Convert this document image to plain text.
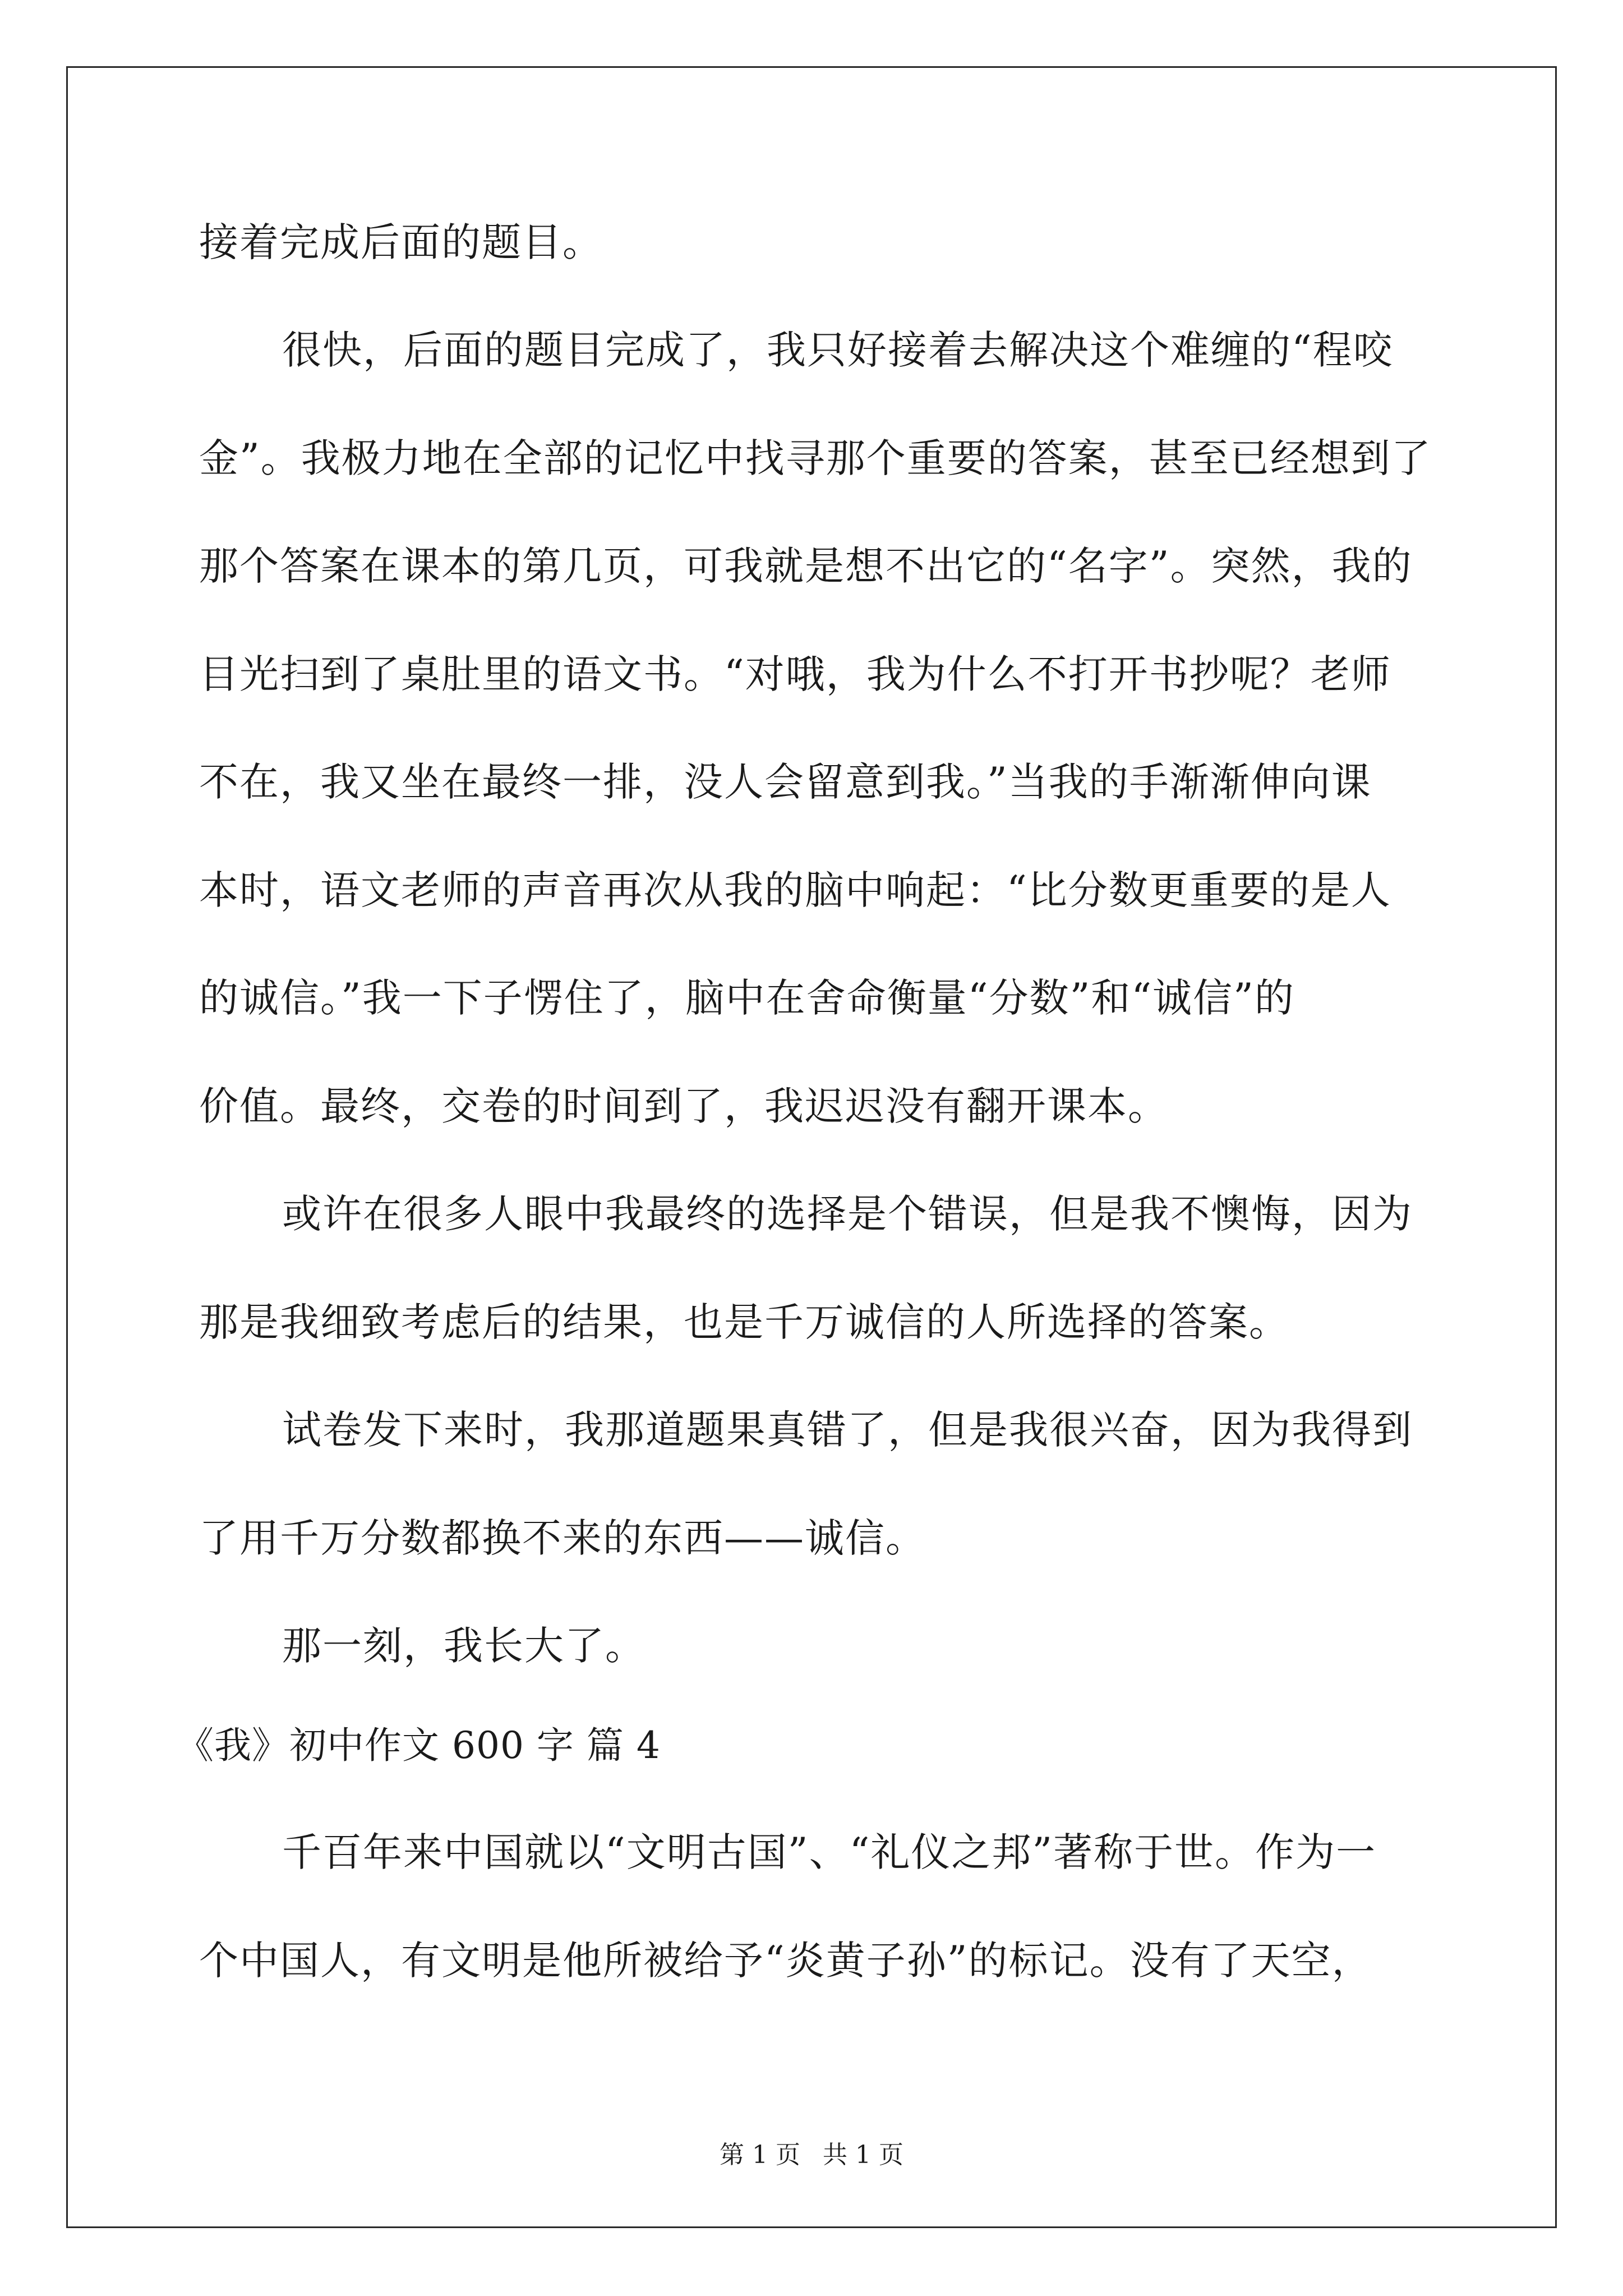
接着完成后面的题目。
很快，后面的题目完成了，我只好接着去解决这个难缠的“程咬
金”。我极力地在全部的记忆中找寻那个重要的答案，甚至已经想到了
那个答案在课本的第几页，可我就是想不出它的“名字”。突然，我的
目光扫到了桌肚里的语文书。“对哦，我为什么不打开书抄呢？老师
不在，我又坐在最终一排，没人会留意到我。”当我的手渐渐伸向课
本时，语文老师的声音再次从我的脑中响起：“比分数更重要的是人
的诚信。”我一下子愣住了，脑中在舍命衡量“分数”和“诚信”的
价值。最终，交卷的时间到了，我迟迟没有翻开课本。
或许在很多人眼中我最终的选择是个错误，但是我不懊悔，因为
那是我细致考虑后的结果，也是千万诚信的人所选择的答案。
试卷发下来时，我那道题果真错了，但是我很兴奋，因为我得到
了用千万分数都换不来的东西——诚信。
那一刻，我长大了。
《我》初中作文 600 字 篇 4
千百年来中国就以“文明古国”、“礼仪之邦”著称于世。作为一
个中国人，有文明是他所被给予“炎黄子孙”的标记。没有了天空，
第 1 页 共 1 页
